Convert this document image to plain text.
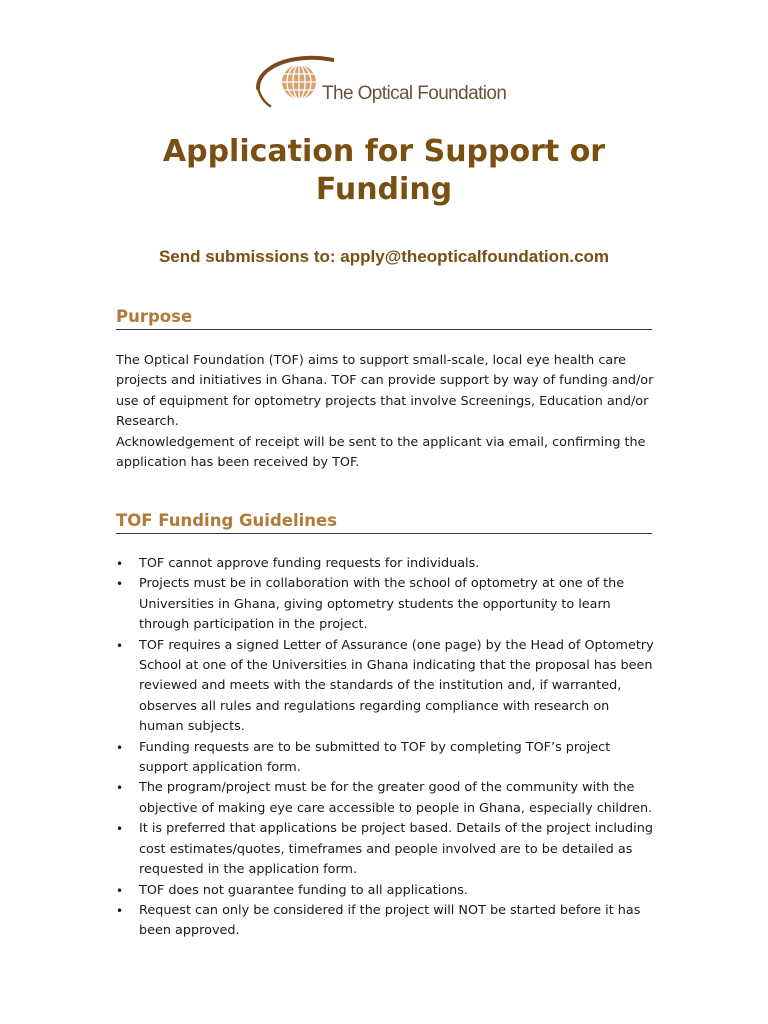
The Optical Foundation
Application for Support or Funding
Send submissions to: apply@theopticalfoundation.com
Purpose

The Optical Foundation (TOF) aims to support small-scale, local eye health care projects and initiatives in Ghana. TOF can provide support by way of funding and/or use of equipment for optometry projects that involve Screenings, Education and/or Research.

Acknowledgement of receipt will be sent to the applicant via email, confirming the application has been received by TOF.

TOF Funding Guidelines
• TOF cannot approve funding requests for individuals.
• Projects must be in collaboration with the school of optometry at one of the Universities in Ghana, giving optometry students the opportunity to learn through participation in the project.
• TOF requires a signed Letter of Assurance (one page) by the Head of Optometry School at one of the Universities in Ghana indicating that the proposal has been reviewed and meets with the standards of the institution and, if warranted, observes all rules and regulations regarding compliance with research on human subjects.
• Funding requests are to be submitted to TOF by completing TOF’s project support application form.
• The program/project must be for the greater good of the community with the objective of making eye care accessible to people in Ghana, especially children.
• It is preferred that applications be project based. Details of the project including cost estimates/quotes, timeframes and people involved are to be detailed as requested in the application form.
• TOF does not guarantee funding to all applications.
• Request can only be considered if the project will NOT be started before it has been approved.
